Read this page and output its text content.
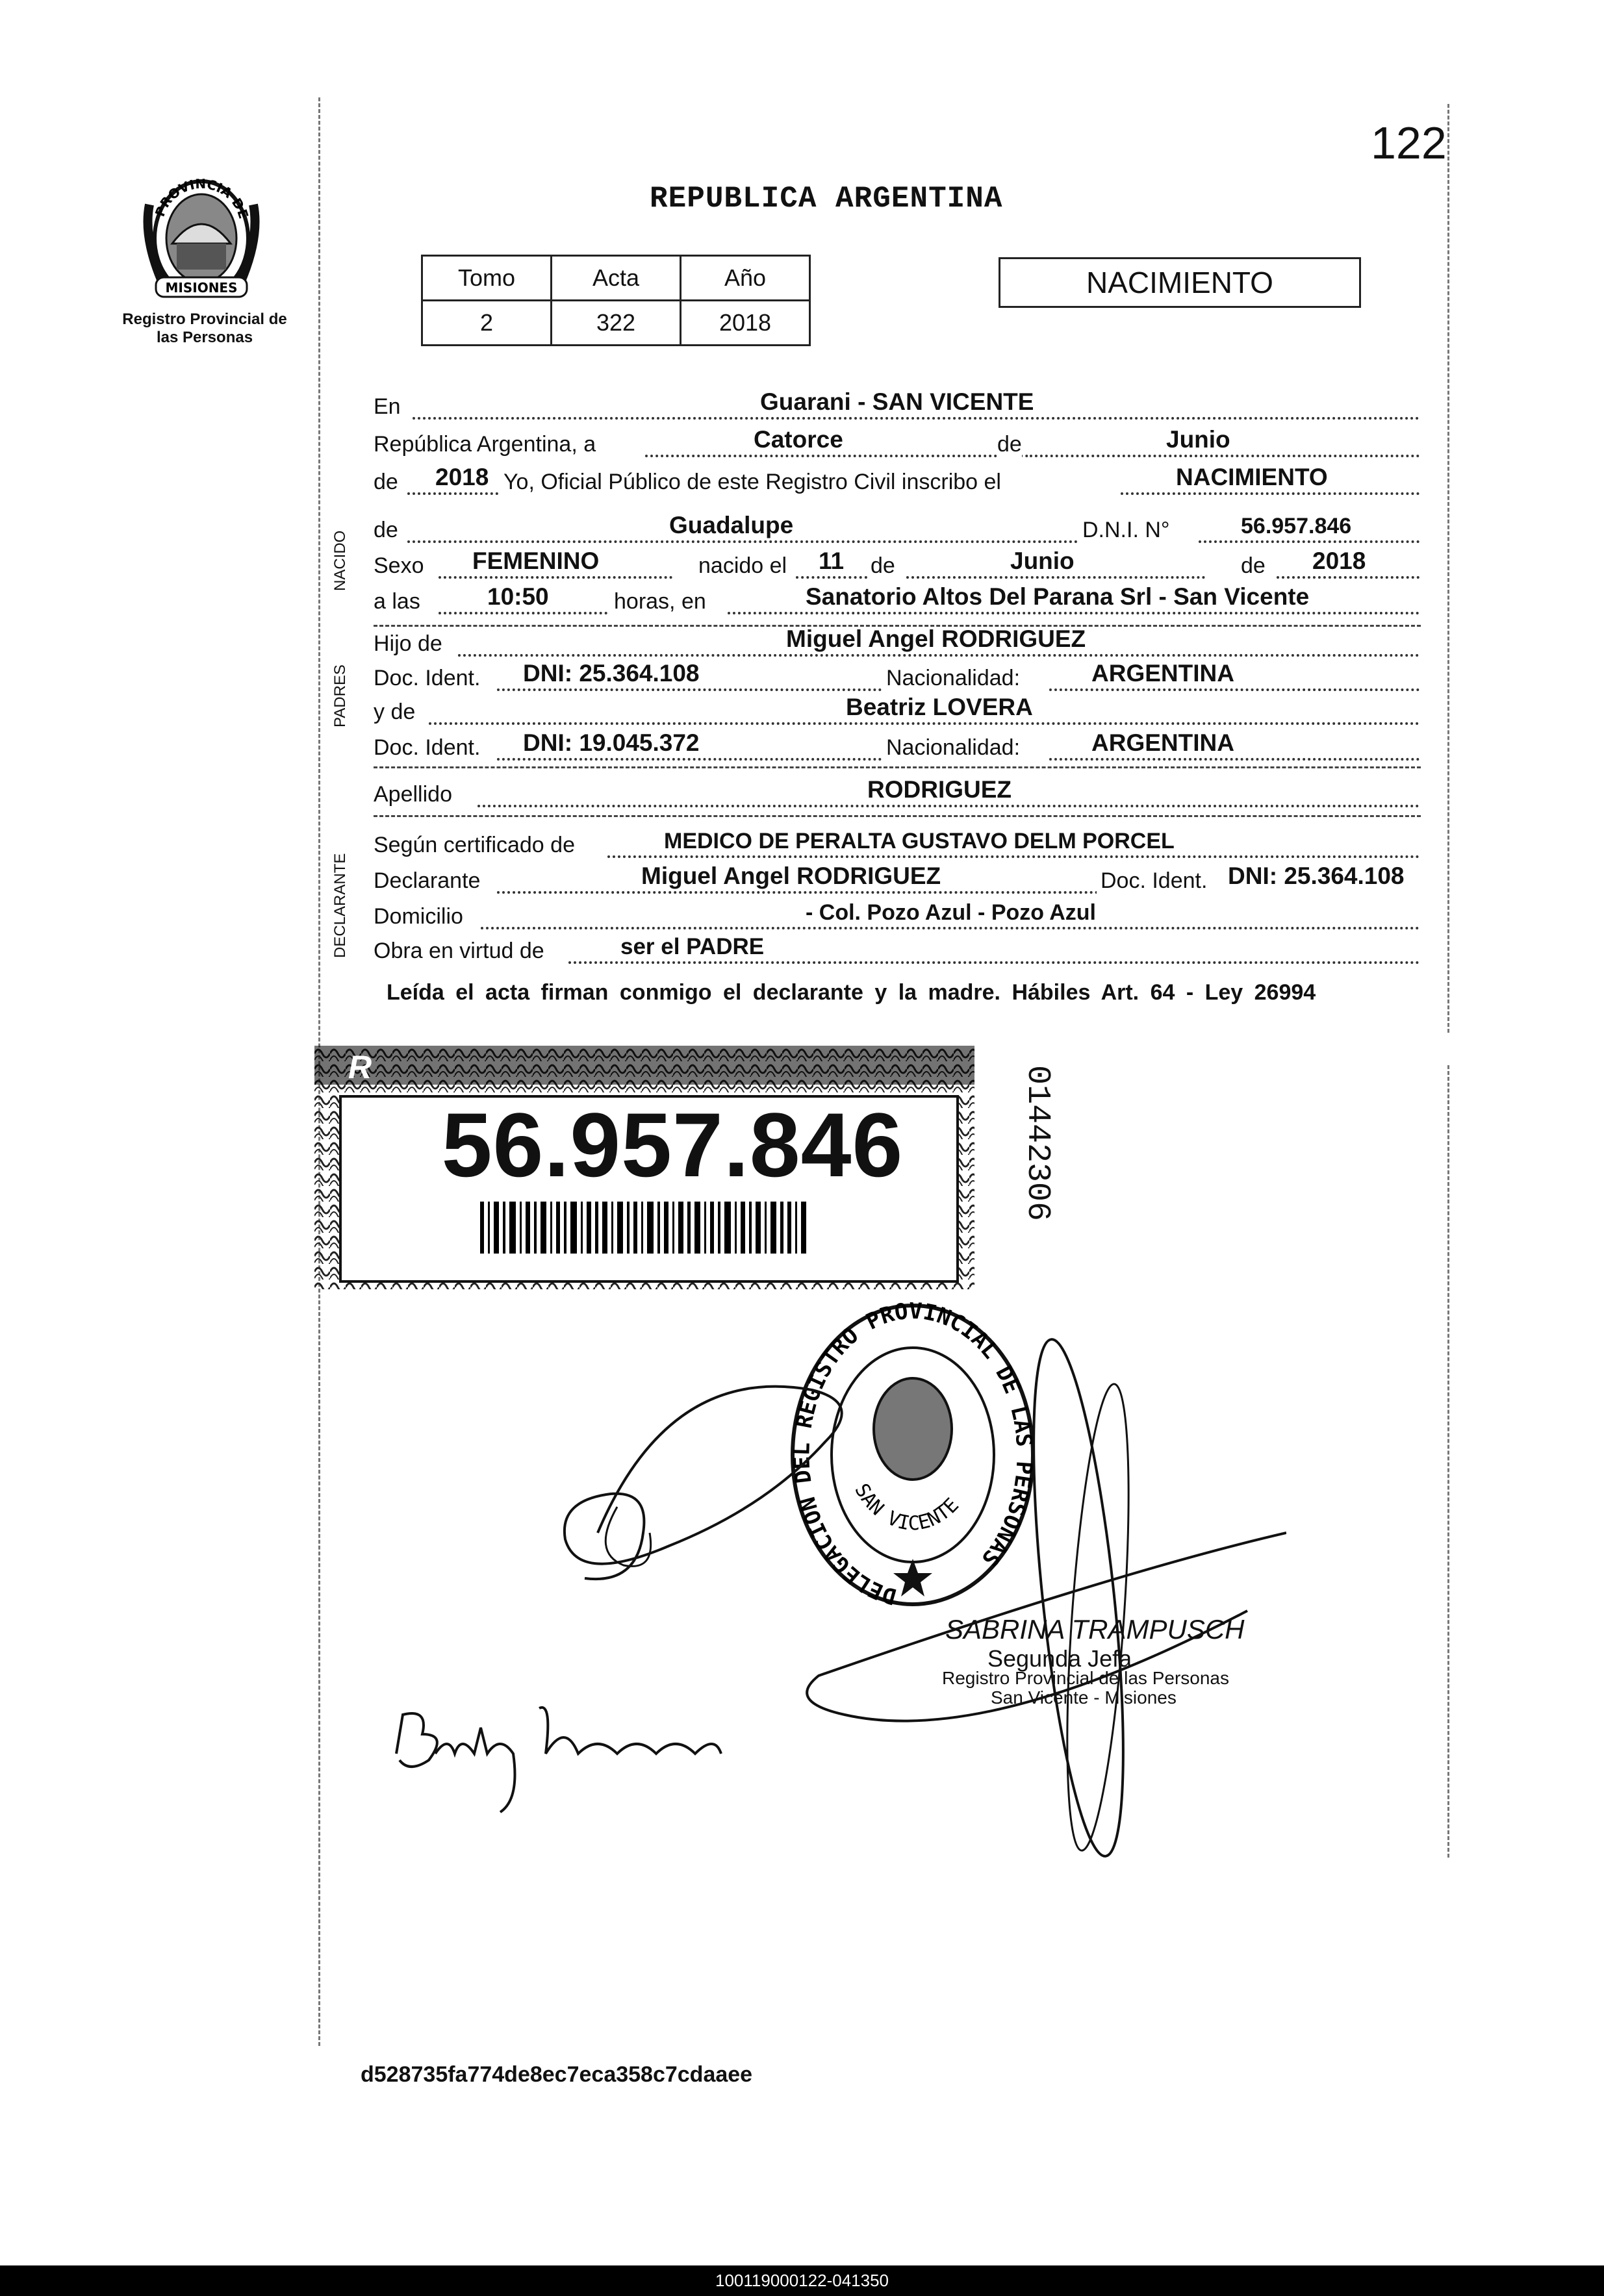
122
PROVINCIA DE
MISIONES
Registro Provincial de las Personas
REPUBLICA ARGENTINA
Tomo	Acta	Año
2	322	2018
NACIMIENTO
NACIDO
PADRES
DECLARANTE
En	Guarani - SAN VICENTE
República Argentina, a	Catorce	de	Junio
de 2018 Yo, Oficial Público de este Registro Civil inscribo el	NACIMIENTO
de	Guadalupe	D.N.I. N°	56.957.846
Sexo FEMENINO	nacido el 11 de	Junio	de 2018
a las	10:50	horas, en	Sanatorio Altos Del Parana Srl - San Vicente
Hijo de	Miguel Angel RODRIGUEZ
Doc. Ident. DNI: 25.364.108	Nacionalidad:	ARGENTINA
y de	Beatriz LOVERA
Doc. Ident. DNI: 19.045.372	Nacionalidad:	ARGENTINA
Apellido	RODRIGUEZ
Según certificado de	MEDICO DE PERALTA GUSTAVO DELM PORCEL
Declarante	Miguel Angel RODRIGUEZ	Doc. Ident. DNI: 25.364.108
Domicilio	- Col. Pozo Azul - Pozo Azul
Obra en virtud de	ser el PADRE
Leída el acta firman conmigo el declarante y la madre. Hábiles Art. 64 - Ley 26994
R
56.957.846	01442306
DELEGACION DEL REGISTRO PROVINCIAL DE LAS PERSONAS
SAN VICENTE
SABRINA TRAMPUSCH
Segunda Jefa
Registro Provincial de las Personas
San Vicente - Misiones
Beatriz Lovera
d528735fa774de8ec7eca358c7cdaaee
100119000122-041350
